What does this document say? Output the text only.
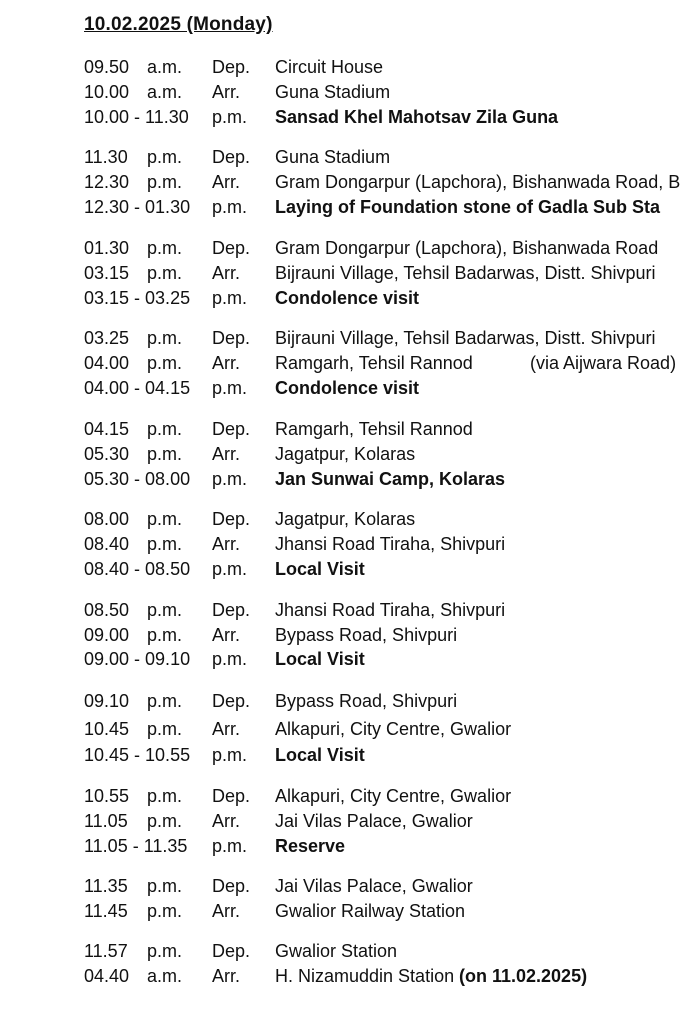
10.02.2025 (Monday)
09.50 a.m. Dep. Circuit House
10.00 a.m. Arr. Guna Stadium
10.00 - 11.30 p.m. Sansad Khel Mahotsav Zila Guna
11.30 p.m. Dep. Guna Stadium
12.30 p.m. Arr. Gram Dongarpur (Lapchora), Bishanwada Road, B
12.30 - 01.30 p.m. Laying of Foundation stone of Gadla Sub Sta
01.30 p.m. Dep. Gram Dongarpur (Lapchora), Bishanwada Road
03.15 p.m. Arr. Bijrauni Village, Tehsil Badarwas, Distt. Shivpuri
03.15 - 03.25 p.m. Condolence visit
03.25 p.m. Dep. Bijrauni Village, Tehsil Badarwas, Distt. Shivpuri
04.00 p.m. Arr. Ramgarh, Tehsil Rannod	(via Aijwara Road)
04.00 - 04.15 p.m. Condolence visit
04.15 p.m. Dep. Ramgarh, Tehsil Rannod
05.30 p.m. Arr. Jagatpur, Kolaras
05.30 - 08.00 p.m. Jan Sunwai Camp, Kolaras
08.00 p.m. Dep. Jagatpur, Kolaras
08.40 p.m. Arr. Jhansi Road Tiraha, Shivpuri
08.40 - 08.50 p.m. Local Visit
08.50 p.m. Dep. Jhansi Road Tiraha, Shivpuri
09.00 p.m. Arr. Bypass Road, Shivpuri
09.00 - 09.10 p.m. Local Visit
09.10 p.m. Dep. Bypass Road, Shivpuri
10.45 p.m. Arr. Alkapuri, City Centre, Gwalior
10.45 - 10.55 p.m. Local Visit
10.55 p.m. Dep. Alkapuri, City Centre, Gwalior
11.05 p.m. Arr. Jai Vilas Palace, Gwalior
11.05 - 11.35 p.m. Reserve
11.35 p.m. Dep. Jai Vilas Palace, Gwalior
11.45 p.m. Arr. Gwalior Railway Station
11.57 p.m. Dep. Gwalior Station
04.40 a.m. Arr. H. Nizamuddin Station (on 11.02.2025)
